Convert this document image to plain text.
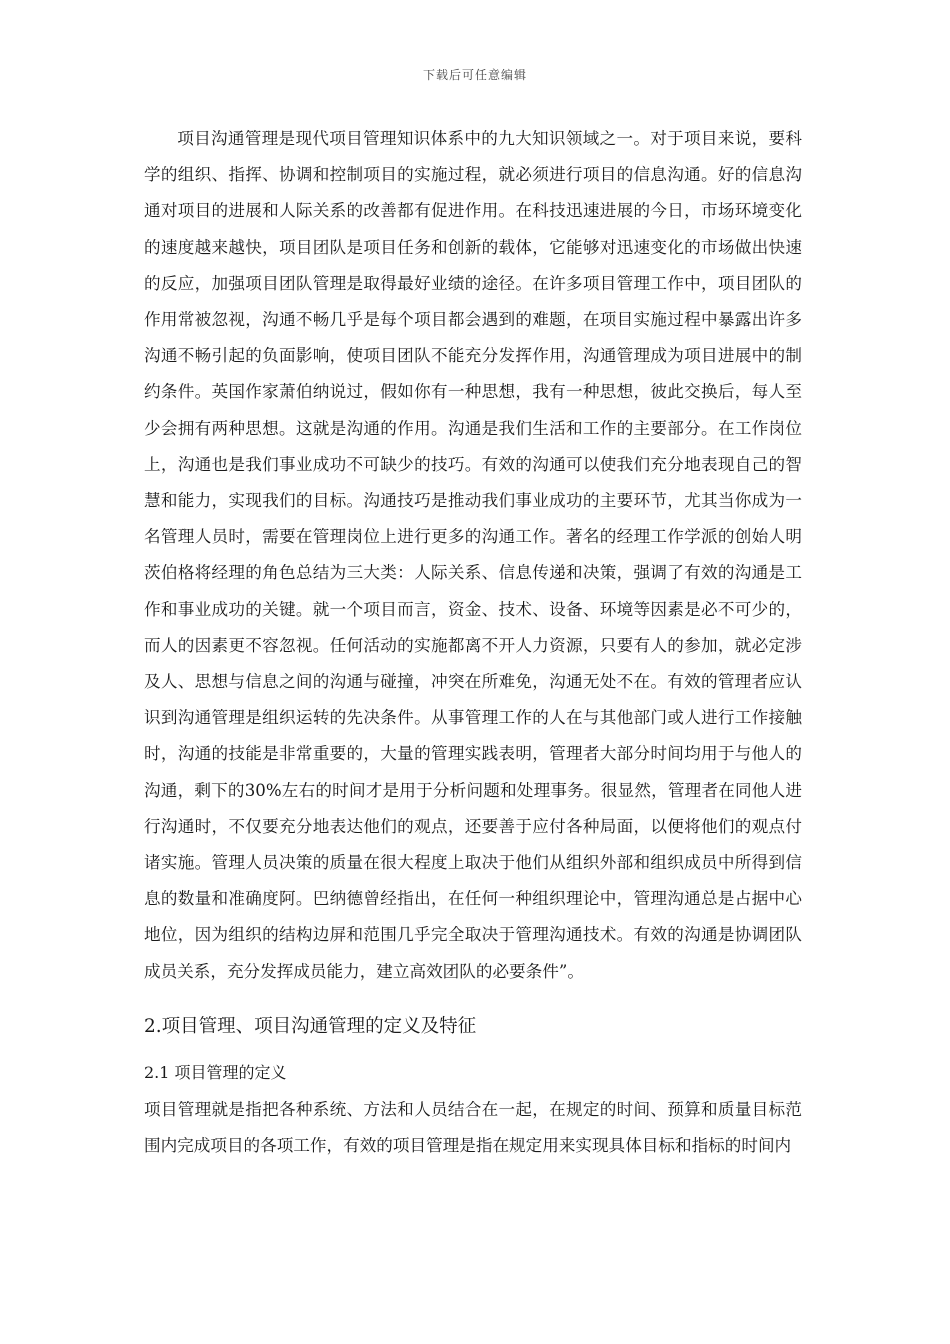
下载后可任意编辑

项目沟通管理是现代项目管理知识体系中的九大知识领域之一。对于项目来说，要科学的组织、指挥、协调和控制项目的实施过程，就必须进行项目的信息沟通。好的信息沟通对项目的进展和人际关系的改善都有促进作用。在科技迅速进展的今日，市场环境变化的速度越来越快，项目团队是项目任务和创新的载体，它能够对迅速变化的市场做出快速的反应，加强项目团队管理是取得最好业绩的途径。在许多项目管理工作中，项目团队的作用常被忽视，沟通不畅几乎是每个项目都会遇到的难题，在项目实施过程中暴露出许多沟通不畅引起的负面影响，使项目团队不能充分发挥作用，沟通管理成为项目进展中的制约条件。英国作家萧伯纳说过，假如你有一种思想，我有一种思想，彼此交换后，每人至少会拥有两种思想。这就是沟通的作用。沟通是我们生活和工作的主要部分。在工作岗位上，沟通也是我们事业成功不可缺少的技巧。有效的沟通可以使我们充分地表现自己的智慧和能力，实现我们的目标。沟通技巧是推动我们事业成功的主要环节，尤其当你成为一名管理人员时，需要在管理岗位上进行更多的沟通工作。著名的经理工作学派的创始人明茨伯格将经理的角色总结为三大类：人际关系、信息传递和决策，强调了有效的沟通是工作和事业成功的关键。就一个项目而言，资金、技术、设备、环境等因素是必不可少的，而人的因素更不容忽视。任何活动的实施都离不开人力资源，只要有人的参加，就必定涉及人、思想与信息之间的沟通与碰撞，冲突在所难免，沟通无处不在。有效的管理者应认识到沟通管理是组织运转的先决条件。从事管理工作的人在与其他部门或人进行工作接触时，沟通的技能是非常重要的，大量的管理实践表明，管理者大部分时间均用于与他人的沟通，剩下的30%左右的时间才是用于分析问题和处理事务。很显然，管理者在同他人进行沟通时，不仅要充分地表达他们的观点，还要善于应付各种局面，以便将他们的观点付诸实施。管理人员决策的质量在很大程度上取决于他们从组织外部和组织成员中所得到信息的数量和准确度阿。巴纳德曾经指出，在任何一种组织理论中，管理沟通总是占据中心地位，因为组织的结构边屏和范围几乎完全取决于管理沟通技术。有效的沟通是协调团队成员关系，充分发挥成员能力，建立高效团队的必要条件”。

2.项目管理、项目沟通管理的定义及特征
2.1 项目管理的定义

项目管理就是指把各种系统、方法和人员结合在一起，在规定的时间、预算和质量目标范围内完成项目的各项工作，有效的项目管理是指在规定用来实现具体目标和指标的时间内
